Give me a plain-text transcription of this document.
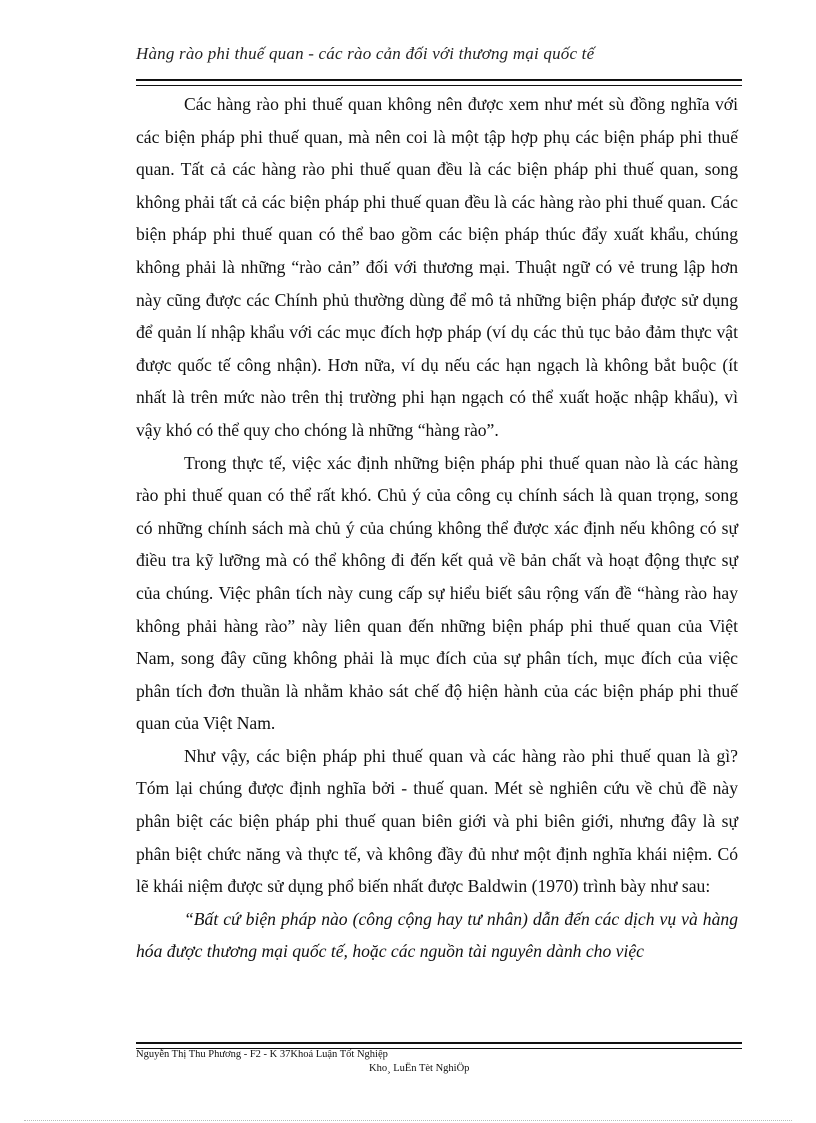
Hàng rào phi thuế quan - các rào cản đối với thương mại quốc tế

Các hàng rào phi thuế quan không nên được xem như mét sù đồng nghĩa với các biện pháp phi thuế quan, mà nên coi là một tập hợp phụ các biện pháp phi thuế quan. Tất cả các hàng rào phi thuế quan đều là các biện pháp phi thuế quan, song không phải tất cả các biện pháp phi thuế quan đều là các hàng rào phi thuế quan. Các biện pháp phi thuế quan có thể bao gồm các biện pháp thúc đẩy xuất khẩu, chúng không phải là những “rào cản” đối với thương mại. Thuật ngữ có vẻ trung lập hơn này cũng được các Chính phủ thường dùng để mô tả những biện pháp được sử dụng để quản lí nhập khẩu với các mục đích hợp pháp (ví dụ các thủ tục bảo đảm thực vật được quốc tế công nhận). Hơn nữa, ví dụ nếu các hạn ngạch là không bắt buộc (ít nhất là trên mức nào trên thị trường phi hạn ngạch có thể xuất hoặc nhập khẩu), vì vậy khó có thể quy cho chóng là những “hàng rào”.

Trong thực tế, việc xác định những biện pháp phi thuế quan nào là các hàng rào phi thuế quan có thể rất khó. Chủ ý của công cụ chính sách là quan trọng, song có những chính sách mà chủ ý của chúng không thể được xác định nếu không có sự điều tra kỹ lưỡng mà có thể không đi đến kết quả về bản chất và hoạt động thực sự của chúng. Việc phân tích này cung cấp sự hiểu biết sâu rộng vấn đề “hàng rào hay không phải hàng rào” này liên quan đến những biện pháp phi thuế quan của Việt Nam, song đây cũng không phải là mục đích của sự phân tích, mục đích của việc phân tích đơn thuần là nhằm khảo sát chế độ hiện hành của các biện pháp phi thuế quan của Việt Nam.

Như vậy, các biện pháp phi thuế quan và các hàng rào phi thuế quan là gì? Tóm lại chúng được định nghĩa bởi - thuế quan. Mét sè nghiên cứu về chủ đề này phân biệt các biện pháp phi thuế quan biên giới và phi biên giới, nhưng đây là sự phân biệt chức năng và thực tế, và không đầy đủ như một định nghĩa khái niệm. Có lẽ khái niệm được sử dụng phổ biến nhất được Baldwin (1970) trình bày như sau:

“Bất cứ biện pháp nào (công cộng hay tư nhân) dẫn đến các dịch vụ và hàng hóa được thương mại quốc tế, hoặc các nguồn tài nguyên dành cho việc

Nguyễn Thị Thu Phương - F2 - K 37Khoá Luận Tốt Nghiệp
Kho¸ LuËn Tèt NghiÖp
